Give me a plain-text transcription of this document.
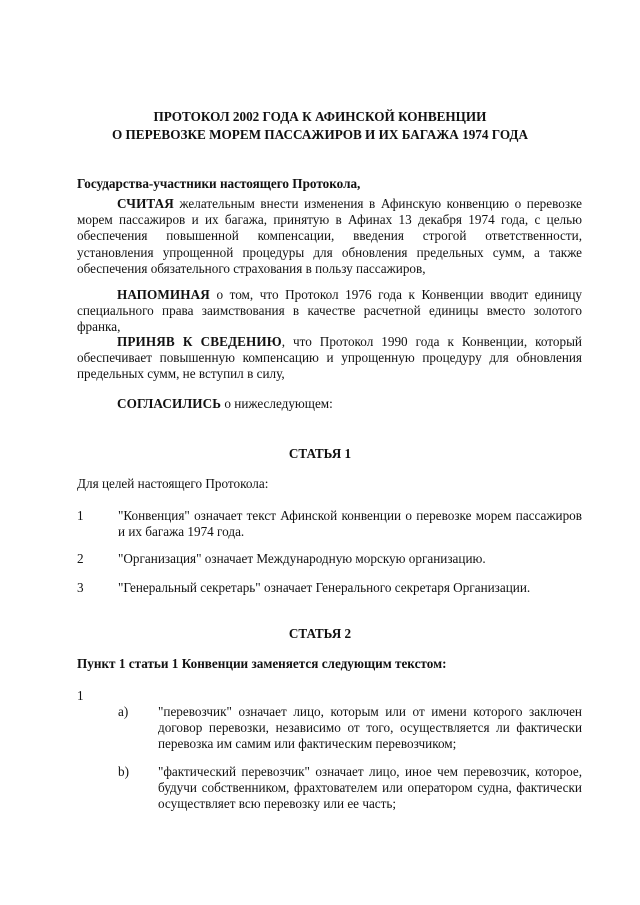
ПРОТОКОЛ 2002 ГОДА К АФИНСКОЙ КОНВЕНЦИИ
О ПЕРЕВОЗКЕ МОРЕМ ПАССАЖИРОВ И ИХ БАГАЖА 1974 ГОДА
Государства-участники настоящего Протокола,

СЧИТАЯ желательным внести изменения в Афинскую конвенцию о перевозке морем пассажиров и их багажа, принятую в Афинах 13 декабря 1974 года, с целью обеспечения повышенной компенсации, введения строгой ответственности, установления упрощенной процедуры для обновления предельных сумм, а также обеспечения обязательного страхования в пользу пассажиров,

НАПОМИНАЯ о том, что Протокол 1976 года к Конвенции вводит единицу специального права заимствования в качестве расчетной единицы вместо золотого франка,

ПРИНЯВ К СВЕДЕНИЮ, что Протокол 1990 года к Конвенции, который обеспечивает повышенную компенсацию и упрощенную процедуру для обновления предельных сумм, не вступил в силу,

СОГЛАСИЛИСЬ о нижеследующем:

СТАТЬЯ 1
Для целей настоящего Протокола:
1	"Конвенция" означает текст Афинской конвенции о перевозке морем пассажиров и их багажа 1974 года.
2	"Организация" означает Международную морскую организацию.
3	"Генеральный секретарь" означает Генерального секретаря Организации.
СТАТЬЯ 2
Пункт 1 статьи 1 Конвенции заменяется следующим текстом:
1
a)	"перевозчик" означает лицо, которым или от имени которого заключен договор перевозки, независимо от того, осуществляется ли фактически перевозка им самим или фактическим перевозчиком;
b)	"фактический перевозчик" означает лицо, иное чем перевозчик, которое, будучи собственником, фрахтователем или оператором судна, фактически осуществляет всю перевозку или ее часть;
